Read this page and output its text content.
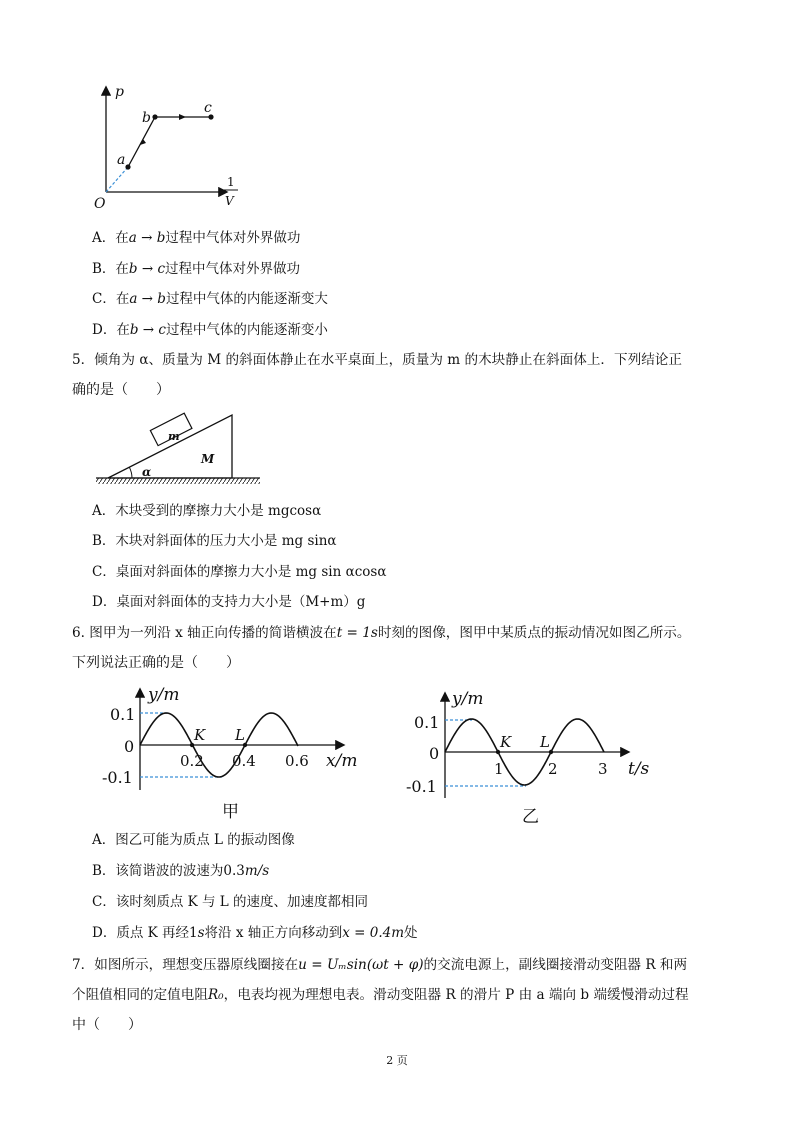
p
O
1
V
a
b
c
A．在a → b过程中气体对外界做功
B．在b → c过程中气体对外界做功
C．在a → b过程中气体的内能逐渐变大
D．在b → c过程中气体的内能逐渐变小
5．倾角为 α、质量为 M 的斜面体静止在水平桌面上，质量为 m 的木块静止在斜面体上．下列结论正
确的是（　　）
m
M
α
A．木块受到的摩擦力大小是 mgcosα
B．木块对斜面体的压力大小是 mg sinα
C．桌面对斜面体的摩擦力大小是 mg sin αcosα
D．桌面对斜面体的支持力大小是（M+m）g
6. 图甲为一列沿 x 轴正向传播的简谐横波在t = 1s时刻的图像，图甲中某质点的振动情况如图乙所示。
下列说法正确的是（　　）
y/m
0.1
0
-0.1
0.2 0.4 0.6 x/m
K L
甲
y/m
0.1
0
-0.1
1	2	3 t/s
K L
乙
A．图乙可能为质点 L 的振动图像
B．该简谐波的波速为0.3m/s
C．该时刻质点 K 与 L 的速度、加速度都相同
D．质点 K 再经1s将沿 x 轴正方向移动到x = 0.4m处
7．如图所示，理想变压器原线圈接在u = Uₘsin(ωt + φ)的交流电源上，副线圈接滑动变阻器 R 和两
个阻值相同的定值电阻R₀，电表均视为理想电表。滑动变阻器 R 的滑片 P 由 a 端向 b 端缓慢滑动过程
中（　　）
2 页
